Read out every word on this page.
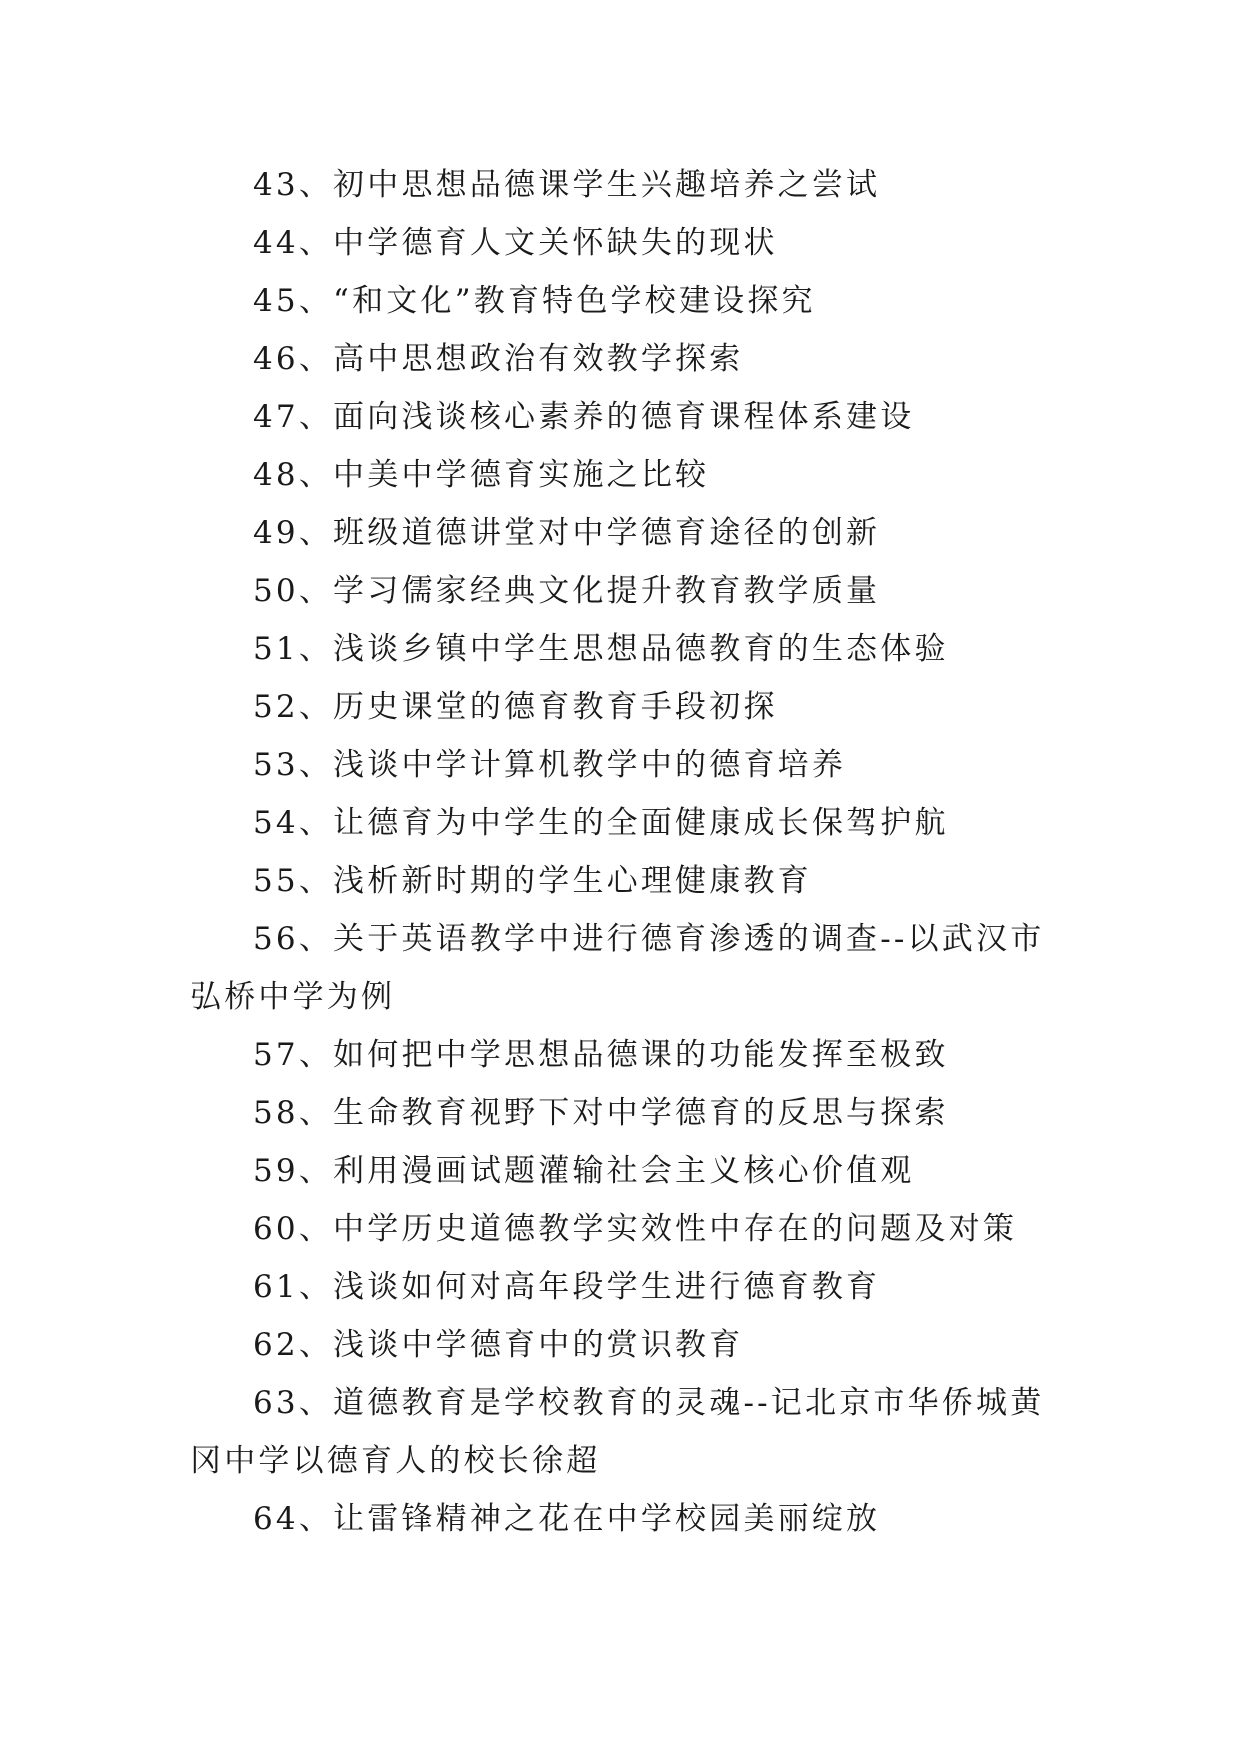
43、初中思想品德课学生兴趣培养之尝试
44、中学德育人文关怀缺失的现状
45、“和文化”教育特色学校建设探究
46、高中思想政治有效教学探索
47、面向浅谈核心素养的德育课程体系建设
48、中美中学德育实施之比较
49、班级道德讲堂对中学德育途径的创新
50、学习儒家经典文化提升教育教学质量
51、浅谈乡镇中学生思想品德教育的生态体验
52、历史课堂的德育教育手段初探
53、浅谈中学计算机教学中的德育培养
54、让德育为中学生的全面健康成长保驾护航
55、浅析新时期的学生心理健康教育
56、关于英语教学中进行德育渗透的调查--以武汉市弘桥中学为例
57、如何把中学思想品德课的功能发挥至极致
58、生命教育视野下对中学德育的反思与探索
59、利用漫画试题灌输社会主义核心价值观
60、中学历史道德教学实效性中存在的问题及对策
61、浅谈如何对高年段学生进行德育教育
62、浅谈中学德育中的赏识教育
63、道德教育是学校教育的灵魂--记北京市华侨城黄冈中学以德育人的校长徐超
64、让雷锋精神之花在中学校园美丽绽放
